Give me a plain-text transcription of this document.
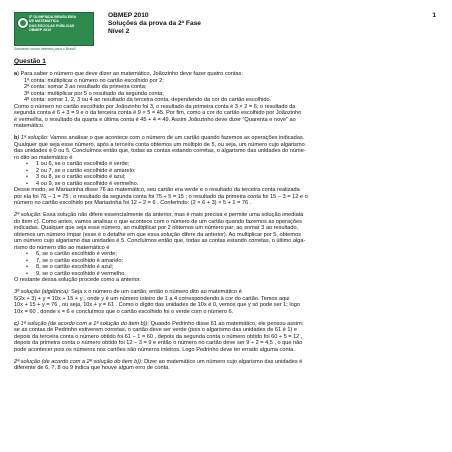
5ª OLIMPÍADA BRASILEIRA
DE MATEMÁTICA
DAS ESCOLAS PÚBLICAS
OBMEP 2010
Somando novos talentos para o Brasil!
OBMEP 2010
Soluções da prova da 2ª Fase
Nível 2
1
Questão 1

a) Para saber o número que deve dizer ao matemático, Joãozinho deve fazer quatro contas:

1ª conta: multiplicar o número no cartão escolhido por 2;

2ª conta: somar 3 ao resultado da primeira conta;

3ª conta: multiplicar por 5 o resultado da segunda conta;

4ª conta: somar 1, 2, 3 ou 4 ao resultado da terceira conta, dependendo da cor do cartão escolhido.

Como o número no cartão escolhido por Joãozinho foi 3, o resultado da primeira conta é 3 × 2 = 6; o resultado da

segunda conta é 6 + 3 = 9 e o da terceira conta é 9 × 5 = 45. Por fim, como a cor do cartão escolhido por Joãozinho

é vermelha, o resultado da quarta e última conta é 45 + 4 = 49. Assim Joãozinho deve dizer “Quarenta e nove” ao

matemático.

b) 1ª solução: Vamos analisar o que acontece com o número de um cartão quando fazemos as operações indicadas.

Qualquer que seja esse número, após a terceira conta obtemos um múltiplo de 5, ou seja, um número cujo algarismo

das unidades é 0 ou 5. Concluímos então que, todas as contas estando corretas, o algarismo das unidades do núme-

ro dito ao matemático é

• 1 ou 6, se o cartão escolhido é verde;

• 2 ou 7, se o cartão escolhido é amarelo;

• 3 ou 8, se o cartão escolhido é azul;

• 4 ou 9, se o cartão escolhido é vermelho.

Desse modo, se Mariazinha disse 76 ao matemático, seu cartão era verde e o resultado da terceira conta realizada

por ela foi 76 − 1 = 75 ; o resultado da segunda conta foi 75 ÷ 5 = 15 ; o resultado da primeira conta foi 15 − 3 = 12 e o

número no cartão escolhido por Mariazinha foi 12 ÷ 2 = 6 . Conferindo: (2 × 6 + 3) × 5 + 1 = 76 .

2ª solução: Essa solução não difere essencialmente da anterior, mas é mais precisa e permite uma solução imediata

do item c). Como antes, vamos analisar o que acontece com o número de um cartão quando fazemos as operações

indicadas. Qualquer que seja esse número, ao multiplicar por 2 obtemos um número par; ao somar 3 ao resultado,

obtemos um número ímpar (esse é o detalhe em que essa solução difere da anterior). Ao multiplicar por 5, obtemos

um número cujo algarismo das unidades é 5. Concluímos então que, todas as contas estando corretas, o último alga-

rismo do número dito ao matemático é

• 6, se o cartão escolhido é verde;

• 7, se o cartão escolhido é amarelo;

• 8, se o cartão escolhido é azul;

• 9, se o cartão escolhido é vermelho.

O restante dessa solução procede como a anterior.

3ª solução (algébrica): Seja x o número de um cartão; então o número dito ao matemático é

5(2x + 3) + y = 10x + 15 + y , onde y é um número inteiro de 1 a 4 correspondendo à cor do cartão. Temos aqui

10x + 15 + y = 76 , ou seja, 10x + y = 61 . Como o dígito das unidades de 10x é 0, vemos que y só pode ser 1; logo

10x = 60 , donde x = 6 e concluímos que o cartão escolhido foi o verde com o número 6.

c) 1ª solução (de acordo com a 1ª solução do item b)): Quando Pedrinho disse 61 ao matemático, ele pensou assim:

se as contas de Pedrinho estiverem corretas, o cartão deve ser verde (pois o algarismo das unidades de 61 é 1) e

depois da terceira conta o número obtido foi 61 − 1 = 60 , depois da segunda conta o número obtido foi 60 ÷ 5 = 12 ,

depois da primeira conta o número obtido foi 12 − 3 = 9 e então o número no cartão deve ser 9 ÷ 2 = 4,5 , o que não

pode acontecer pois os números nos cartões são números inteiros. Logo Pedrinho deve ter errado alguma conta.

2ª solução (de acordo com a 2ª solução do item b)): Dizer ao matemático um número cujo algarismo das unidades é

diferente de 6, 7, 8 ou 9 indica que houve algum erro de conta.
